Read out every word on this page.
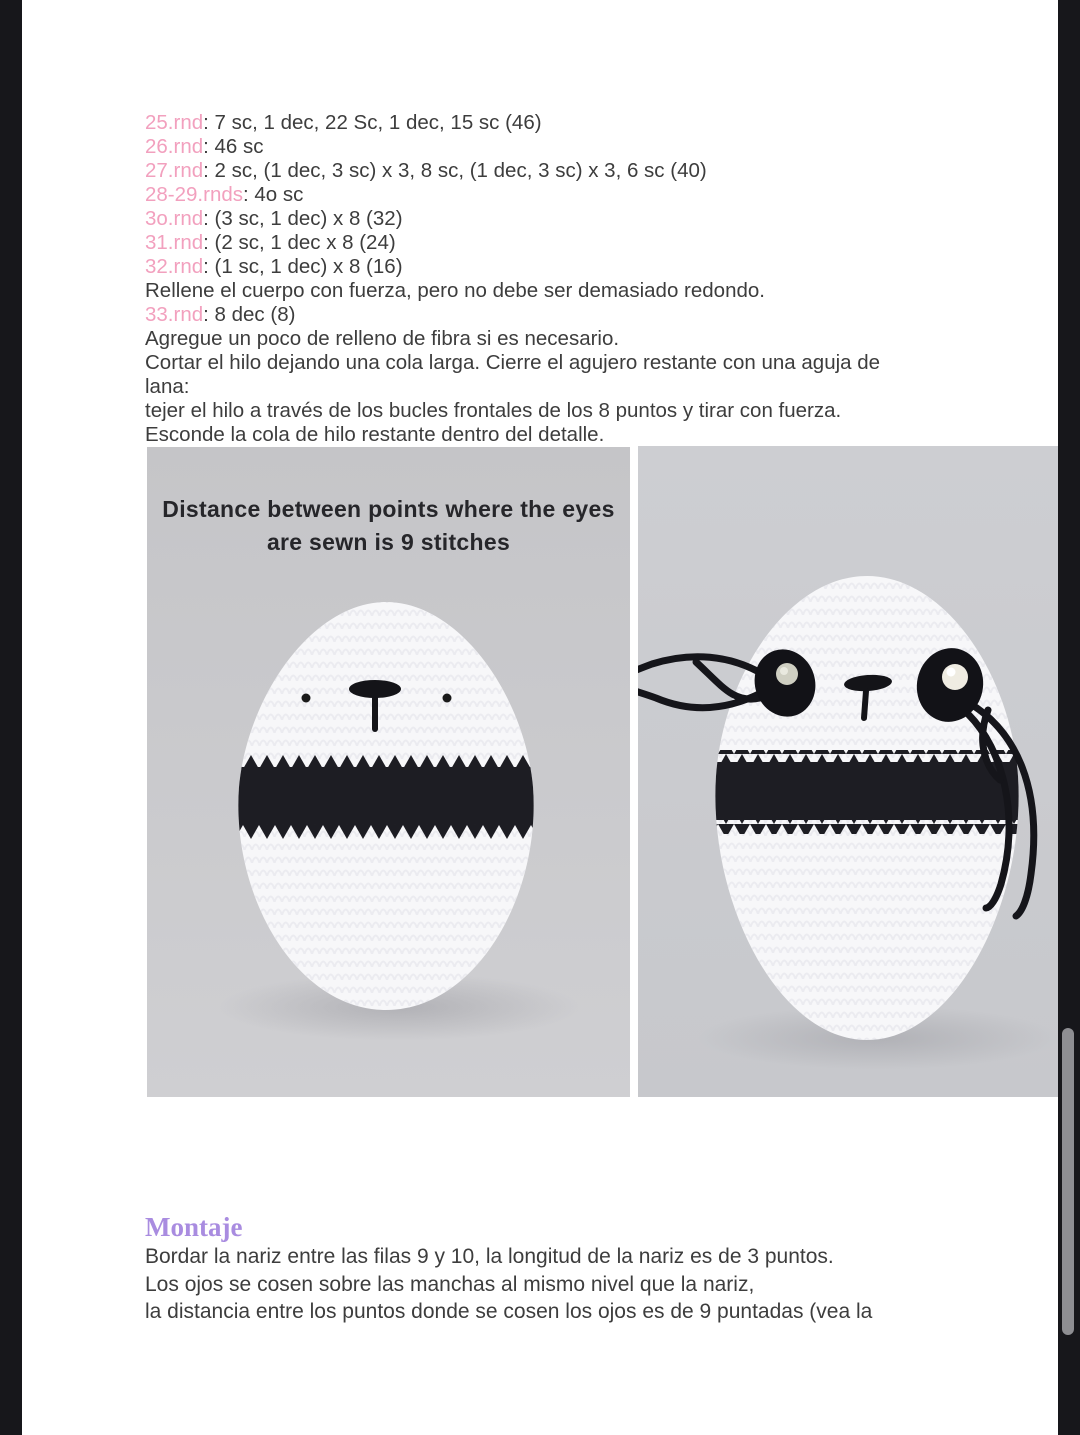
25.rnd: 7 sc, 1 dec, 22 Sc, 1 dec, 15 sc (46)
26.rnd: 46 sc
27.rnd: 2 sc, (1 dec, 3 sc) x 3, 8 sc, (1 dec, 3 sc) x 3, 6 sc (40)
28-29.rnds: 4o sc
3o.rnd: (3 sc, 1 dec) x 8 (32)
31.rnd: (2 sc, 1 dec x 8 (24)
32.rnd: (1 sc, 1 dec) x 8 (16)
Rellene el cuerpo con fuerza, pero no debe ser demasiado redondo.
33.rnd: 8 dec (8)
Agregue un poco de relleno de fibra si es necesario.
Cortar el hilo dejando una cola larga. Cierre el agujero restante con una aguja de
lana:
tejer el hilo a través de los bucles frontales de los 8 puntos y tirar con fuerza.
Esconde la cola de hilo restante dentro del detalle.
Distance between points where the eyes are sewn is 9 stitches
Montaje
Bordar la nariz entre las filas 9 y 10, la longitud de la nariz es de 3 puntos.
Los ojos se cosen sobre las manchas al mismo nivel que la nariz,
la distancia entre los puntos donde se cosen los ojos es de 9 puntadas (vea la
